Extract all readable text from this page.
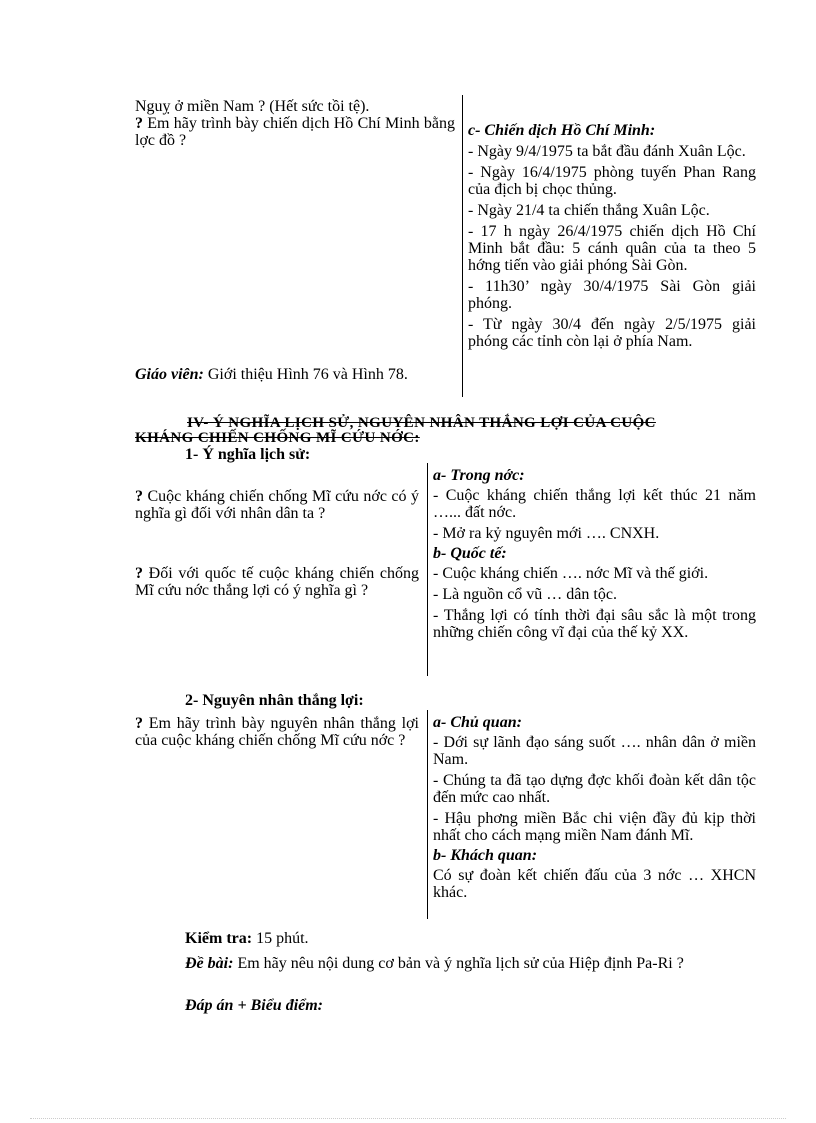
Nguỵ ở miền Nam ? (Hết sức tồi tệ).

? Em hãy trình bày chiến dịch Hồ Chí Minh bằng lợc đồ ?

Giáo viên: Giới thiệu Hình 76 và Hình 78.

c- Chiến dịch Hồ Chí Minh:

- Ngày 9/4/1975 ta bắt đầu đánh Xuân Lộc.

- Ngày 16/4/1975 phòng tuyến Phan Rang của địch bị chọc thủng.

- Ngày 21/4 ta chiến thắng Xuân Lộc.

- 17 h ngày 26/4/1975 chiến dịch Hồ Chí Minh bắt đầu: 5 cánh quân của ta theo 5 hớng tiến vào giải phóng Sài Gòn.

- 11h30’ ngày 30/4/1975 Sài Gòn giải phóng.

- Từ ngày 30/4 đến ngày 2/5/1975 giải phóng các tỉnh còn lại ở phía Nam.

IV- Ý NGHĨA LỊCH SỬ, NGUYÊN NHÂN THẮNG LỢI CỦA CUỘC
KHÁNG CHIẾN CHỐNG MĨ CỨU NỚC:
1- Ý nghĩa lịch sử:
? Cuộc kháng chiến chống Mĩ cứu nớc có ý nghĩa gì đối với nhân dân ta ?
? Đối với quốc tế cuộc kháng chiến chống Mĩ cứu nớc thắng lợi có ý nghĩa gì ?

a- Trong nớc:

- Cuộc kháng chiến thắng lợi kết thúc 21 năm …... đất nớc.

- Mở ra kỷ nguyên mới …. CNXH.

b- Quốc tế:

- Cuộc kháng chiến …. nớc Mĩ và thế giới.

- Là nguồn cổ vũ … dân tộc.

- Thắng lợi có tính thời đại sâu sắc là một trong những chiến công vĩ đại của thế kỷ XX.

2- Nguyên nhân thắng lợi:
? Em hãy trình bày nguyên nhân thắng lợi của cuộc kháng chiến chống Mĩ cứu nớc ?

a- Chủ quan:

- Dới sự lãnh đạo sáng suốt …. nhân dân ở miền Nam.

- Chúng ta đã tạo dựng đợc khối đoàn kết dân tộc đến mức cao nhất.

- Hậu phơng miền Bắc chi viện đầy đủ kịp thời nhất cho cách mạng miền Nam đánh Mĩ.

b- Khách quan:

Có sự đoàn kết chiến đấu của 3 nớc … XHCN khác.

Kiểm tra: 15 phút.
Đề bài: Em hãy nêu nội dung cơ bản và ý nghĩa lịch sử của Hiệp định Pa-Ri ?
Đáp án + Biểu điểm:
